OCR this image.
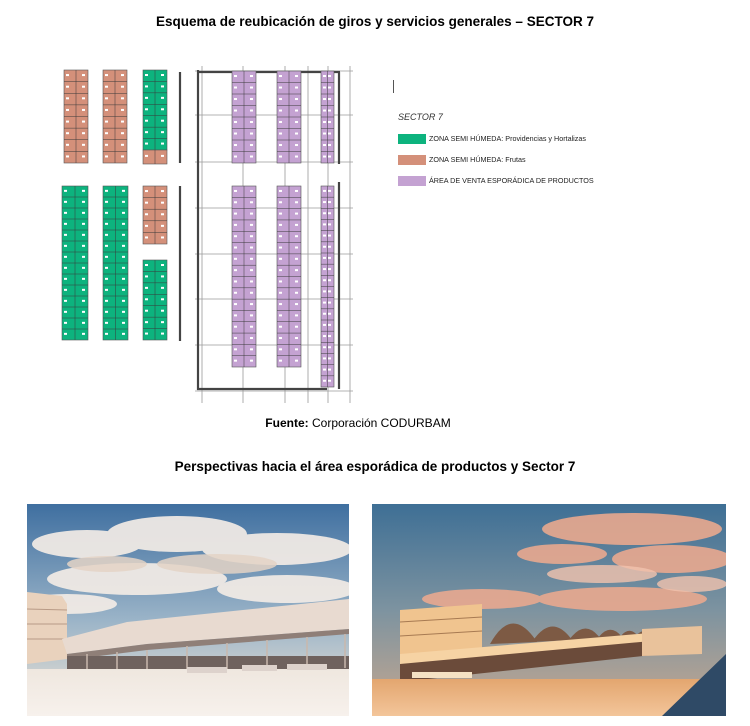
Esquema de reubicación de giros y servicios generales – SECTOR 7
Fuente: Corporación CODURBAM
SECTOR 7
ZONA SEMI HÚMEDA: Providencias y Hortalizas
ZONA SEMI HÚMEDA: Frutas
ÁREA DE VENTA ESPORÁDICA DE PRODUCTOS
Perspectivas hacia el área esporádica de productos y Sector 7
